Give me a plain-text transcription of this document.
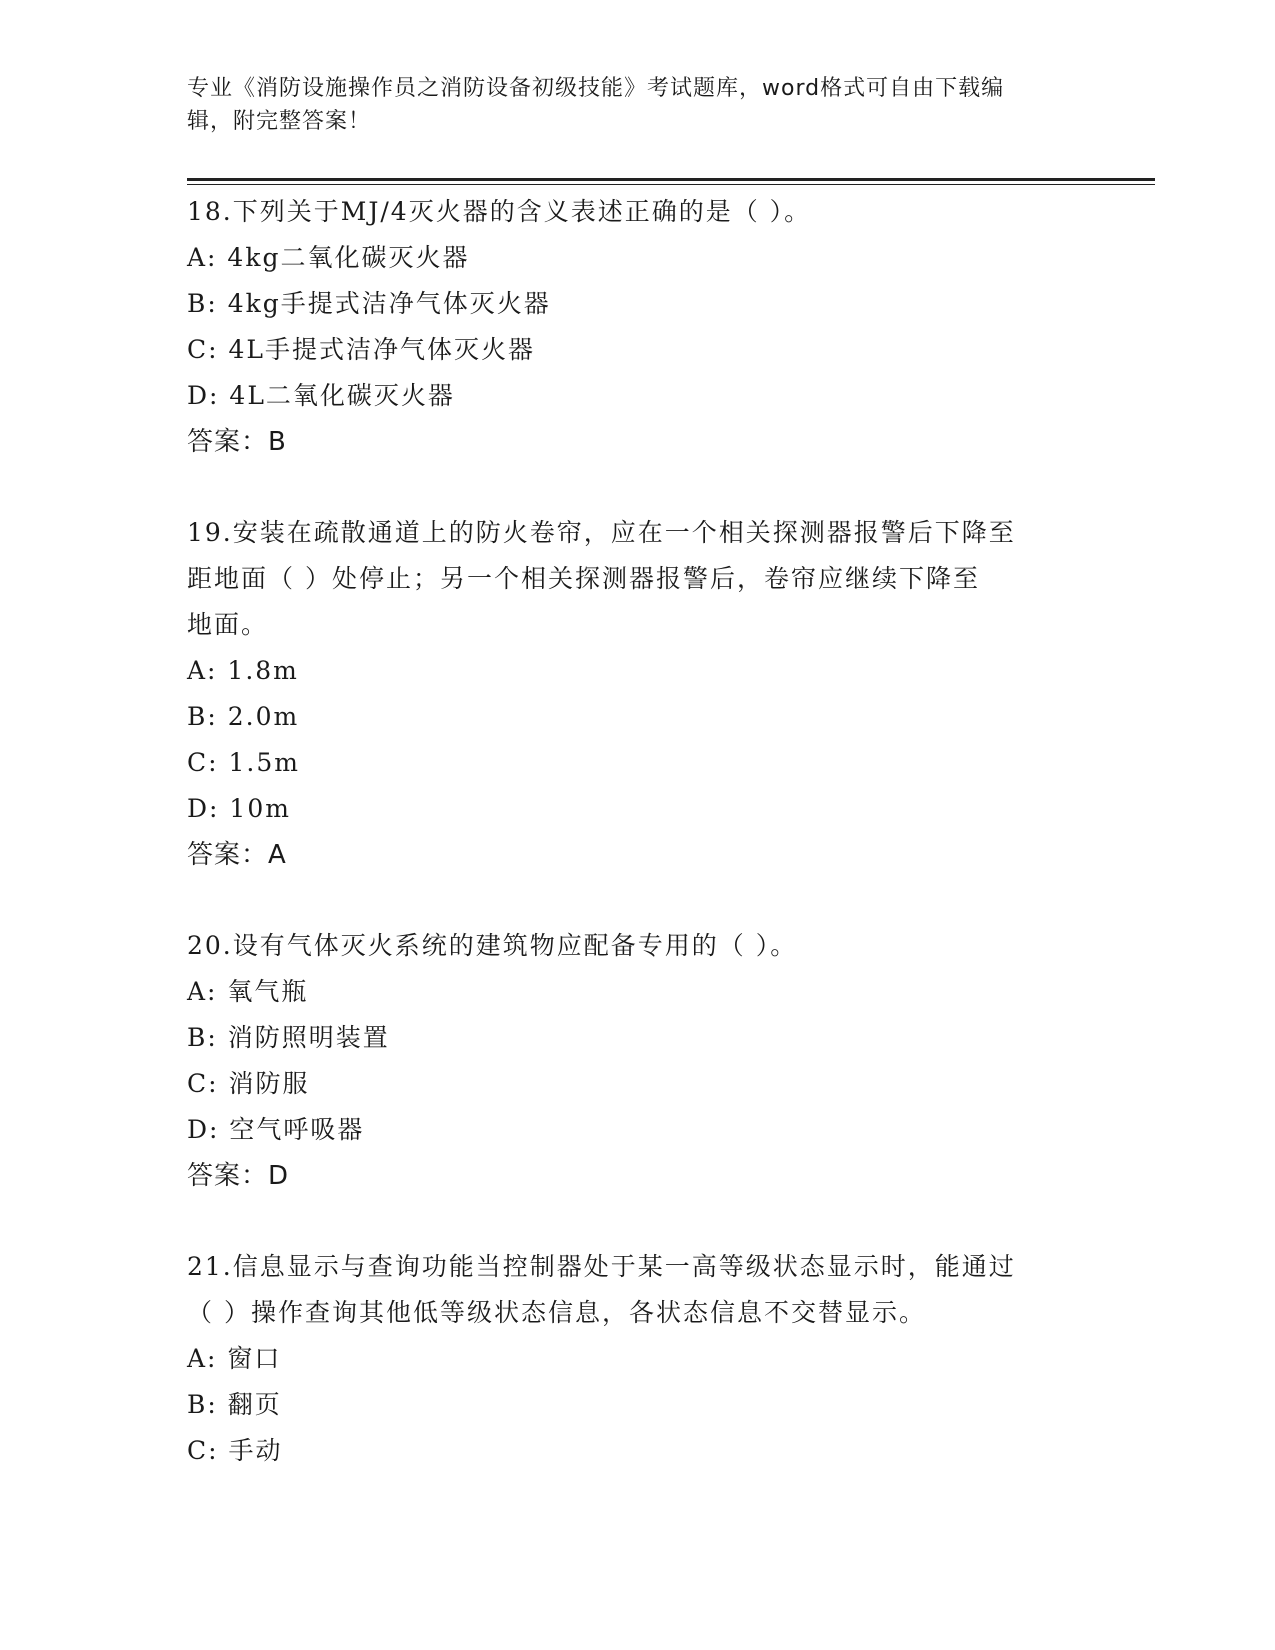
专业《消防设施操作员之消防设备初级技能》考试题库，word格式可自由下载编
辑，附完整答案！
18.下列关于MJ/4灭火器的含义表述正确的是（ ）。
A: 4kg二氧化碳灭火器
B: 4kg手提式洁净气体灭火器
C: 4L手提式洁净气体灭火器
D: 4L二氧化碳灭火器
答案：B
19.安装在疏散通道上的防火卷帘，应在一个相关探测器报警后下降至
距地面（ ）处停止；另一个相关探测器报警后，卷帘应继续下降至
地面。
A: 1.8m
B: 2.0m
C: 1.5m
D: 10m
答案：A
20.设有气体灭火系统的建筑物应配备专用的（ ）。
A: 氧气瓶
B: 消防照明装置
C: 消防服
D: 空气呼吸器
答案：D
21.信息显示与查询功能当控制器处于某一高等级状态显示时，能通过
（ ）操作查询其他低等级状态信息，各状态信息不交替显示。
A: 窗口
B: 翻页
C: 手动
